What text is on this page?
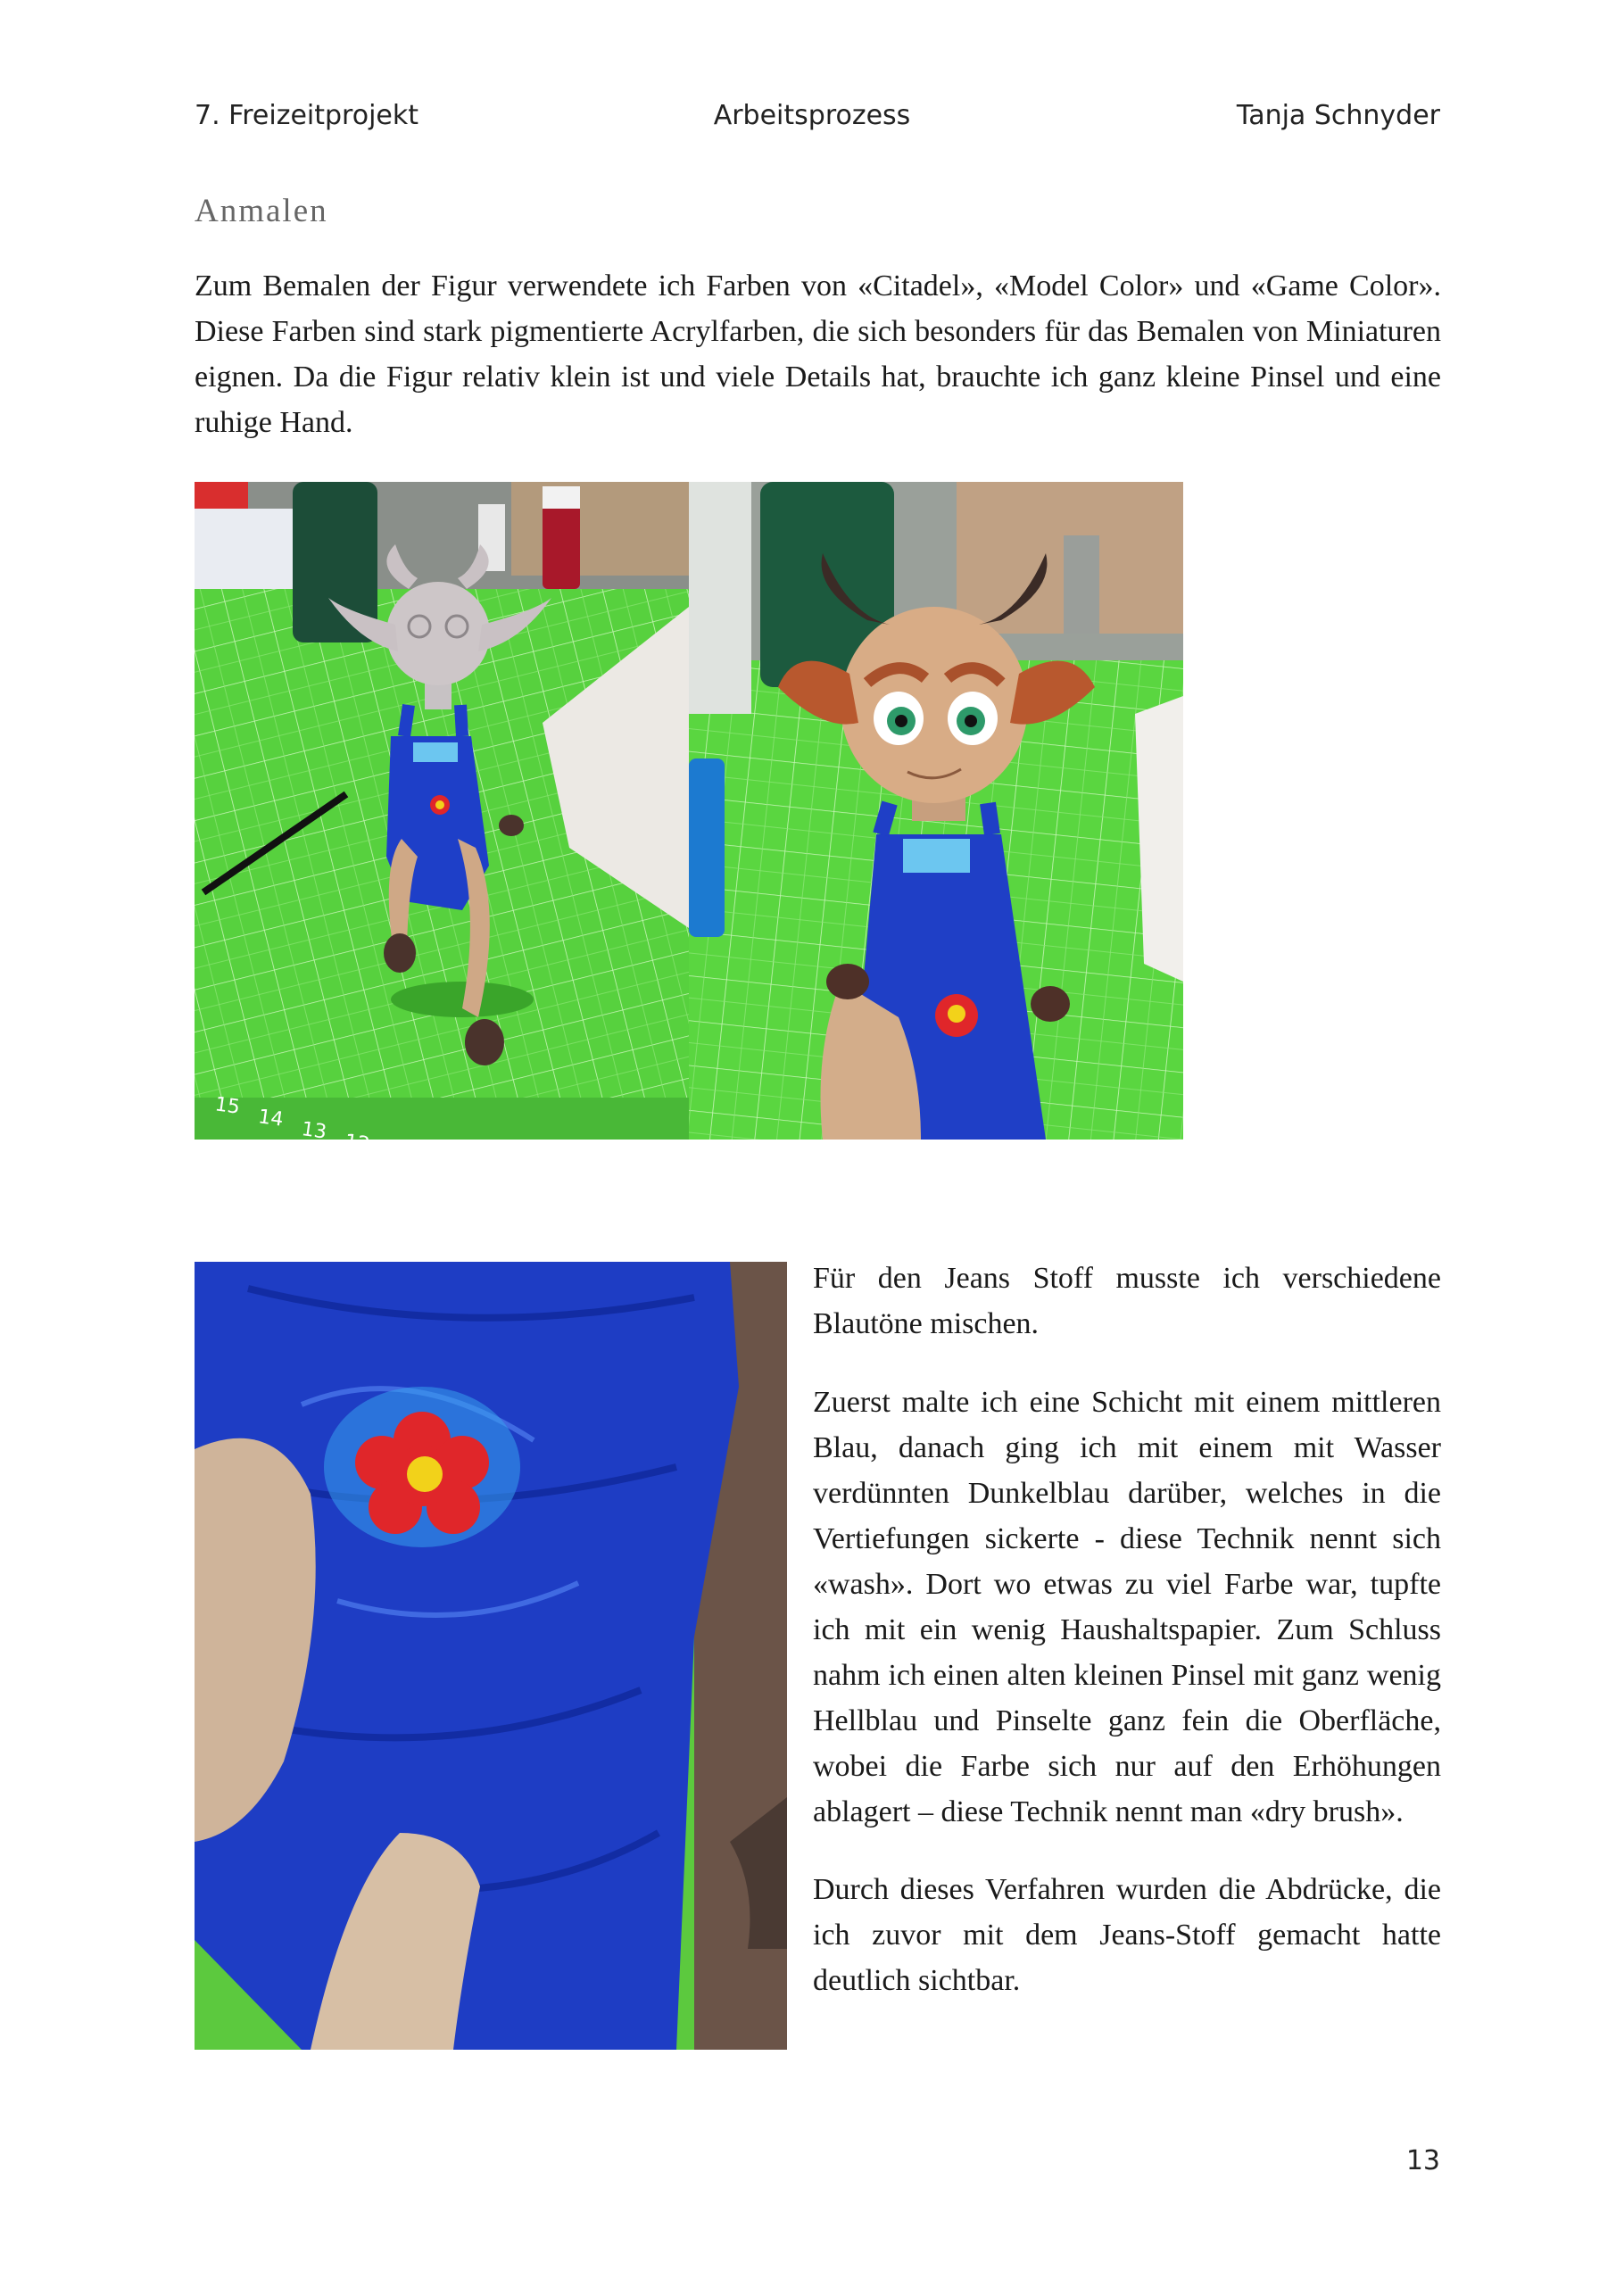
7. Freizeitprojekt	Arbeitsprozess	Tanja Schnyder
Anmalen

Zum Bemalen der Figur verwendete ich Farben von «Citadel», «Model Color» und «Game Color». Diese Farben sind stark pigmentierte Acrylfarben, die sich besonders für das Bemalen von Miniaturen eignen. Da die Figur relativ klein ist und viele Details hat, brauchte ich ganz kleine Pinsel und eine ruhige Hand.

15 14 13 12

Für den Jeans Stoff musste ich verschiedene Blautöne mischen.

Zuerst malte ich eine Schicht mit einem mittleren Blau, danach ging ich mit einem mit Wasser verdünnten Dunkelblau darüber, welches in die Vertiefungen sickerte - diese Technik nennt sich «wash». Dort wo etwas zu viel Farbe war, tupfte ich mit ein wenig Haushaltspapier. Zum Schluss nahm ich einen alten kleinen Pinsel mit ganz wenig Hellblau und Pinselte ganz fein die Oberfläche, wobei die Farbe sich nur auf den Erhöhungen ablagert – diese Technik nennt man «dry brush».

Durch dieses Verfahren wurden die Abdrücke, die ich zuvor mit dem Jeans-Stoff gemacht hatte deutlich sichtbar.

13
